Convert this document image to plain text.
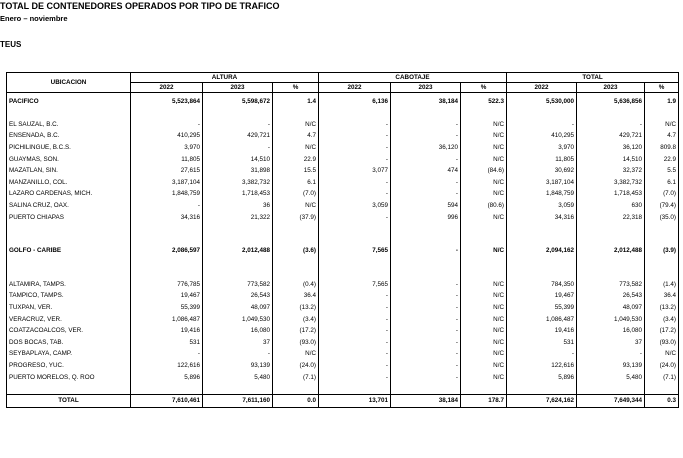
TOTAL DE CONTENEDORES OPERADOS POR TIPO DE TRAFICO
Enero – noviembre
TEUS
UBICACION	ALTURA			CABOTAJE			TOTAL		
	2022	2023	%	2022	2023	%	2022	2023	%

PACIFICO	5,523,864	5,598,672	1.4	6,136	38,184	522.3	5,530,000	5,636,856	1.9

EL SAUZAL, B.C.	-	-	N/C	-	-	N/C	-	-	N/C
ENSENADA, B.C.	410,295	429,721	4.7	-	-	N/C	410,295	429,721	4.7
PICHILINGUE, B.C.S.	3,970	-	N/C	-	36,120	N/C	3,970	36,120	809.8
GUAYMAS, SON.	11,805	14,510	22.9	-	-	N/C	11,805	14,510	22.9
MAZATLAN, SIN.	27,615	31,898	15.5	3,077	474	(84.6)	30,692	32,372	5.5
MANZANILLO, COL.	3,187,104	3,382,732	6.1	-	-	N/C	3,187,104	3,382,732	6.1
LAZARO CARDENAS, MICH.	1,848,759	1,718,453	(7.0)	-	-	N/C	1,848,759	1,718,453	(7.0)
SALINA CRUZ, OAX.	-	36	N/C	3,059	594	(80.6)	3,059	630	(79.4)
PUERTO CHIAPAS	34,316	21,322	(37.9)	-	996	N/C	34,316	22,318	(35.0)

GOLFO - CARIBE	2,086,597	2,012,488	(3.6)	7,565	-	N/C	2,094,162	2,012,488	(3.9)

ALTAMIRA, TAMPS.	776,785	773,582	(0.4)	7,565	-	N/C	784,350	773,582	(1.4)
TAMPICO, TAMPS.	19,467	26,543	36.4	-	-	N/C	19,467	26,543	36.4
TUXPAN, VER.	55,399	48,097	(13.2)	-	-	N/C	55,399	48,097	(13.2)
VERACRUZ, VER.	1,086,487	1,049,530	(3.4)	-	-	N/C	1,086,487	1,049,530	(3.4)
COATZACOALCOS, VER.	19,416	16,080	(17.2)	-	-	N/C	19,416	16,080	(17.2)
DOS BOCAS, TAB.	531	37	(93.0)	-	-	N/C	531	37	(93.0)
SEYBAPLAYA, CAMP.	-	-	N/C	-	-	N/C	-	-	N/C
PROGRESO, YUC.	122,616	93,139	(24.0)	-	-	N/C	122,616	93,139	(24.0)
PUERTO MORELOS, Q. ROO	5,896	5,480	(7.1)	-	-	N/C	5,896	5,480	(7.1)

TOTAL	7,610,461	7,611,160	0.0	13,701	38,184	178.7	7,624,162	7,649,344	0.3
